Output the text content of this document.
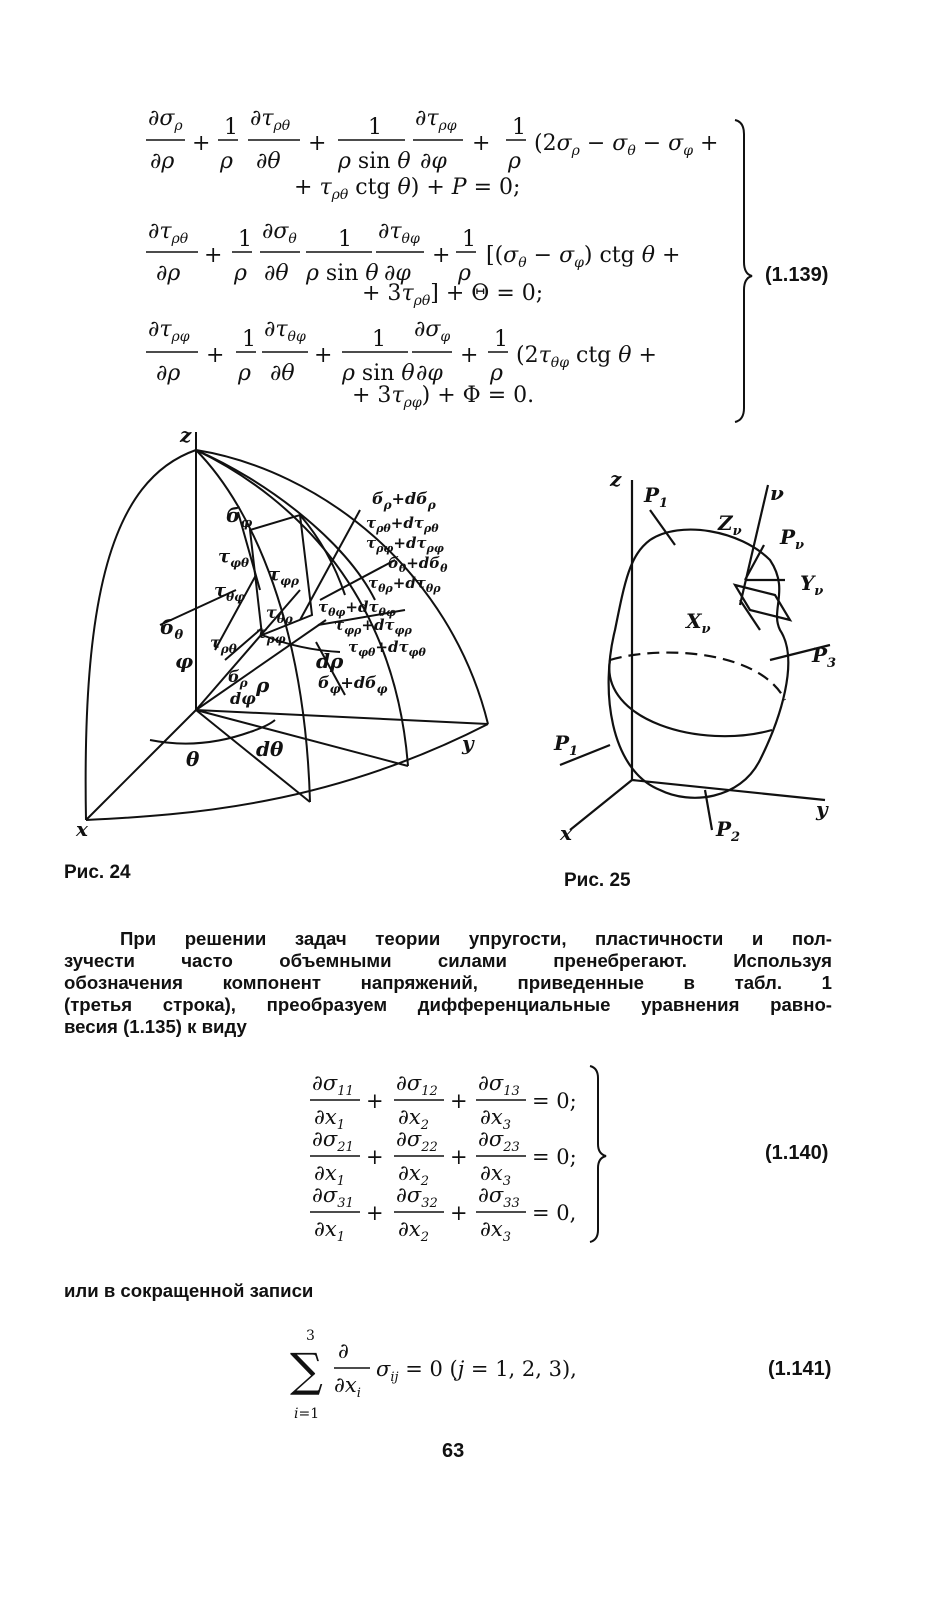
$\partial\sigma_\rho$
∂ρ
+
1
ρ
$\partial\tau_{\rho\theta}$
∂θ
+
1
ρ sin θ
$\partial\tau_{\rho\varphi}$
∂φ
+
1
ρ
($2\sigma_\rho - \sigma_\theta - \sigma_\varphi$ +
+ $\tau_{\rho\theta}$ ctg θ) + P = 0;
$\partial\tau_{\rho\theta}$
∂ρ
+
1
ρ
$\partial\sigma_\theta$
∂θ
1
ρ sin θ
$\partial\tau_{\theta\varphi}$
∂φ
+
1
ρ
[$(\sigma_\theta - \sigma_\varphi)$ ctg θ +
+ $3\tau_{\rho\theta}] + \Theta = 0$;
$\partial\tau_{\rho\varphi}$
∂ρ
+
1
ρ
$\partial\tau_{\theta\varphi}$
∂θ
+
1
ρ sin θ
$\partial\sigma_\varphi$
∂φ
+
1
ρ
($2\tau_{\theta\varphi}$ ctg θ +
+ $3\tau_{\rho\varphi}) + \Phi = 0$.
(1.139)
z
x
y
θ	dθ
ρ
dρ
φ
dφ
$б_\theta$
$б_\varphi$
$\tau_{\varphi\theta}$
$\tau_{\theta\varphi}$
$\tau_{\varphi\rho}$
$\tau_{\theta\rho}$
$\tau_{\rho\theta}$
$\tau_{\rho\varphi}$
$б_\rho$
$б_\rho+dб_\rho$
$\tau_{\rho\theta}+d\tau_{\rho\theta}$
$\tau_{\rho\varphi}+d\tau_{\rho\varphi}$
$б_\theta+dб_\theta$
$\tau_{\theta\rho}+d\tau_{\theta\rho}$
$\tau_{\theta\varphi}+d\tau_{\theta\varphi}$
$\tau_{\varphi\rho}+d\tau_{\varphi\rho}$
$\tau_{\varphi\theta}+d\tau_{\varphi\theta}$
$б_\varphi+dб_\varphi$
Рис. 24
z
x
y
$P_1$
$P_1$
$P_2$
$P_3$
$P_\nu$
ν
$Z_\nu$
$Y_\nu$
$X_\nu$
Рис. 25
При решении задач теории упругости, пластичности и пол-
зучести часто объемными силами пренебрегают. Используя
обозначения компонент напряжений, приведенные в табл. 1
(третья строка), преобразуем дифференциальные уравнения равно-
весия (1.135) к виду
$\partial\sigma_{11}$
$\partial x_1$
+
$\partial\sigma_{12}$
$\partial x_2$
+
$\partial\sigma_{13}$
$\partial x_3$
= 0;
$\partial\sigma_{21}$
$\partial x_1$
+
$\partial\sigma_{22}$
$\partial x_2$
+
$\partial\sigma_{23}$
$\partial x_3$
= 0;
$\partial\sigma_{31}$
$\partial x_1$
+
$\partial\sigma_{32}$
$\partial x_2$
+
$\partial\sigma_{33}$
$\partial x_3$
= 0,
(1.140)
или в сокращенной записи
3
∑
i=1
∂
$\partial x_i$
$\sigma_{ij} = 0$ (j = 1, 2, 3),	(1.141)
63
